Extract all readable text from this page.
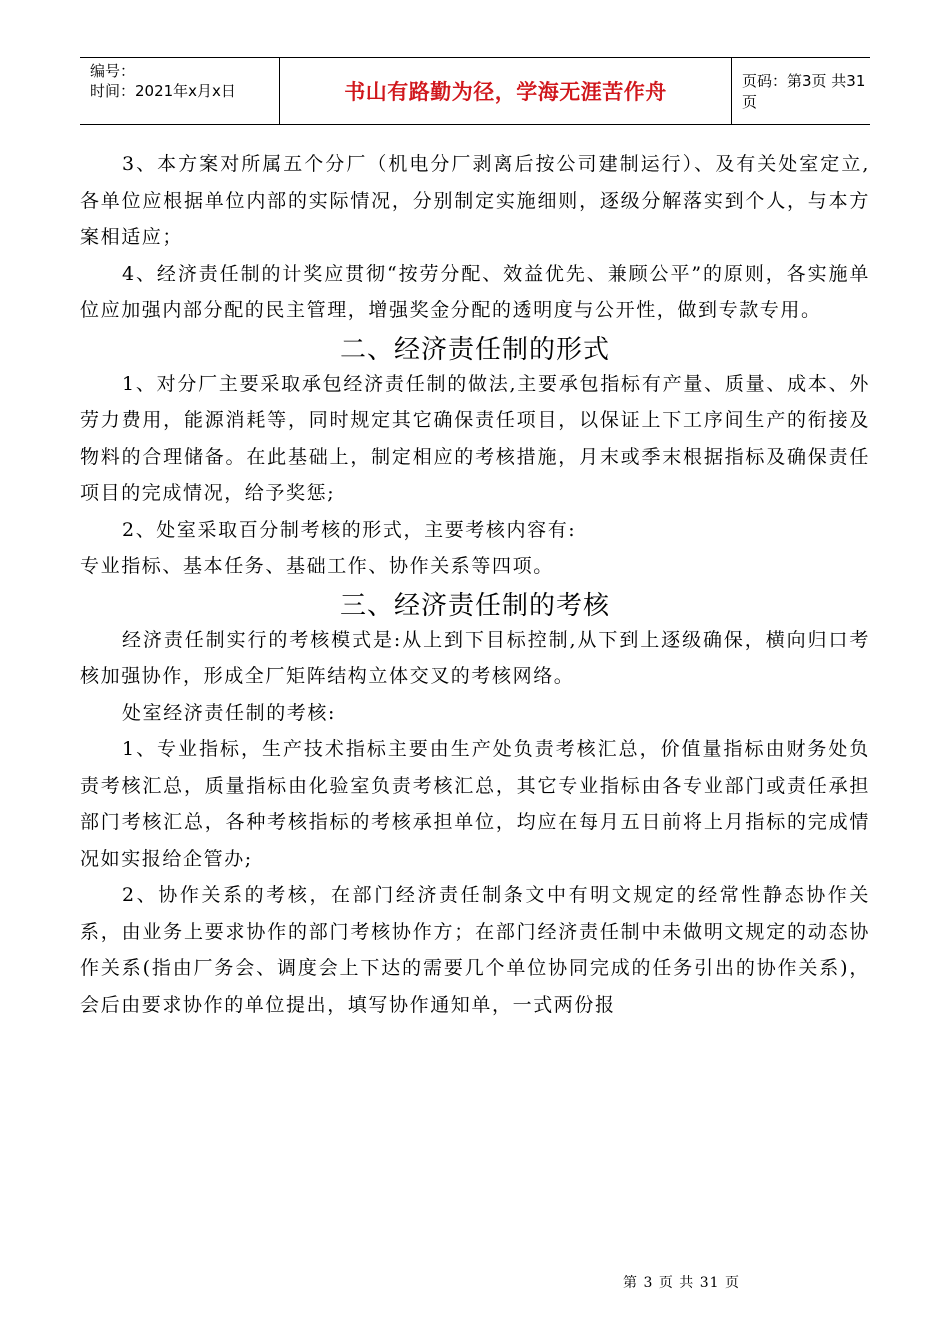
编号：
时间：2021年x月x日	书山有路勤为径，学海无涯苦作舟	页码：第3页 共31页

3、本方案对所属五个分厂（机电分厂剥离后按公司建制运行）、及有关处室定立,各单位应根据单位内部的实际情况，分别制定实施细则，逐级分解落实到个人，与本方案相适应；

4、经济责任制的计奖应贯彻“按劳分配、效益优先、兼顾公平”的原则，各实施单位应加强内部分配的民主管理，增强奖金分配的透明度与公开性，做到专款专用。

二、经济责任制的形式

1、对分厂主要采取承包经济责任制的做法,主要承包指标有产量、质量、成本、外劳力费用，能源消耗等，同时规定其它确保责任项目，以保证上下工序间生产的衔接及物料的合理储备。在此基础上，制定相应的考核措施，月末或季末根据指标及确保责任项目的完成情况，给予奖惩;

2、处室采取百分制考核的形式，主要考核内容有:

专业指标、基本任务、基础工作、协作关系等四项。

三、经济责任制的考核

经济责任制实行的考核模式是:从上到下目标控制,从下到上逐级确保，横向归口考核加强协作，形成全厂矩阵结构立体交叉的考核网络。

处室经济责任制的考核:

1、专业指标，生产技术指标主要由生产处负责考核汇总，价值量指标由财务处负责考核汇总，质量指标由化验室负责考核汇总，其它专业指标由各专业部门或责任承担部门考核汇总，各种考核指标的考核承担单位，均应在每月五日前将上月指标的完成情况如实报给企管办;

2、协作关系的考核，在部门经济责任制条文中有明文规定的经常性静态协作关系，由业务上要求协作的部门考核协作方；在部门经济责任制中未做明文规定的动态协作关系(指由厂务会、调度会上下达的需要几个单位协同完成的任务引出的协作关系)，会后由要求协作的单位提出，填写协作通知单，一式两份报

第 3 页 共 31 页
